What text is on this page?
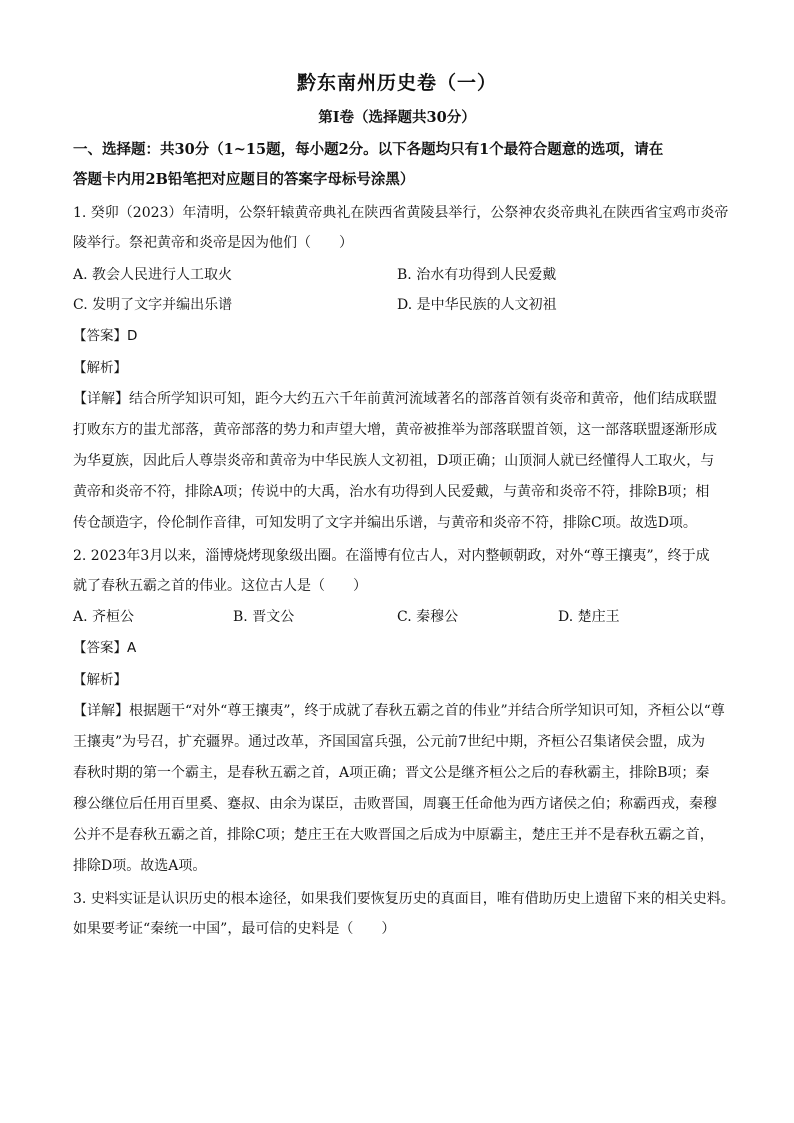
黔东南州历史卷（一）
第Ⅰ卷（选择题共30分）
一、选择题：共30分（1~15题，每小题2分。以下各题均只有1个最符合题意的选项，请在
答题卡内用2B铅笔把对应题目的答案字母标号涂黑）
1. 癸卯（2023）年清明，公祭轩辕黄帝典礼在陕西省黄陵县举行，公祭神农炎帝典礼在陕西省宝鸡市炎帝
陵举行。祭祀黄帝和炎帝是因为他们（　　）
A. 教会人民进行人工取火	B. 治水有功得到人民爱戴
C. 发明了文字并编出乐谱	D. 是中华民族的人文初祖
【答案】D
【解析】
【详解】结合所学知识可知，距今大约五六千年前黄河流域著名的部落首领有炎帝和黄帝，他们结成联盟
打败东方的蚩尤部落，黄帝部落的势力和声望大增，黄帝被推举为部落联盟首领，这一部落联盟逐渐形成
为华夏族，因此后人尊崇炎帝和黄帝为中华民族人文初祖，D项正确；山顶洞人就已经懂得人工取火，与
黄帝和炎帝不符，排除A项；传说中的大禹，治水有功得到人民爱戴，与黄帝和炎帝不符，排除B项；相
传仓颉造字，伶伦制作音律，可知发明了文字并编出乐谱，与黄帝和炎帝不符，排除C项。故选D项。
2. 2023年3月以来，淄博烧烤现象级出圈。在淄博有位古人，对内整顿朝政，对外“尊王攘夷”，终于成
就了春秋五霸之首的伟业。这位古人是（　　）
A. 齐桓公	B. 晋文公	C. 秦穆公	D. 楚庄王
【答案】A
【解析】
【详解】根据题干“对外“尊王攘夷”，终于成就了春秋五霸之首的伟业”并结合所学知识可知，齐桓公以“尊
王攘夷”为号召，扩充疆界。通过改革，齐国国富兵强，公元前7世纪中期，齐桓公召集诸侯会盟，成为
春秋时期的第一个霸主，是春秋五霸之首，A项正确；晋文公是继齐桓公之后的春秋霸主，排除B项；秦
穆公继位后任用百里奚、蹇叔、由余为谋臣，击败晋国，周襄王任命他为西方诸侯之伯；称霸西戎，秦穆
公并不是春秋五霸之首，排除C项；楚庄王在大败晋国之后成为中原霸主，楚庄王并不是春秋五霸之首，
排除D项。故选A项。
3. 史料实证是认识历史的根本途径，如果我们要恢复历史的真面目，唯有借助历史上遗留下来的相关史料。
如果要考证“秦统一中国”，最可信的史料是（　　）
